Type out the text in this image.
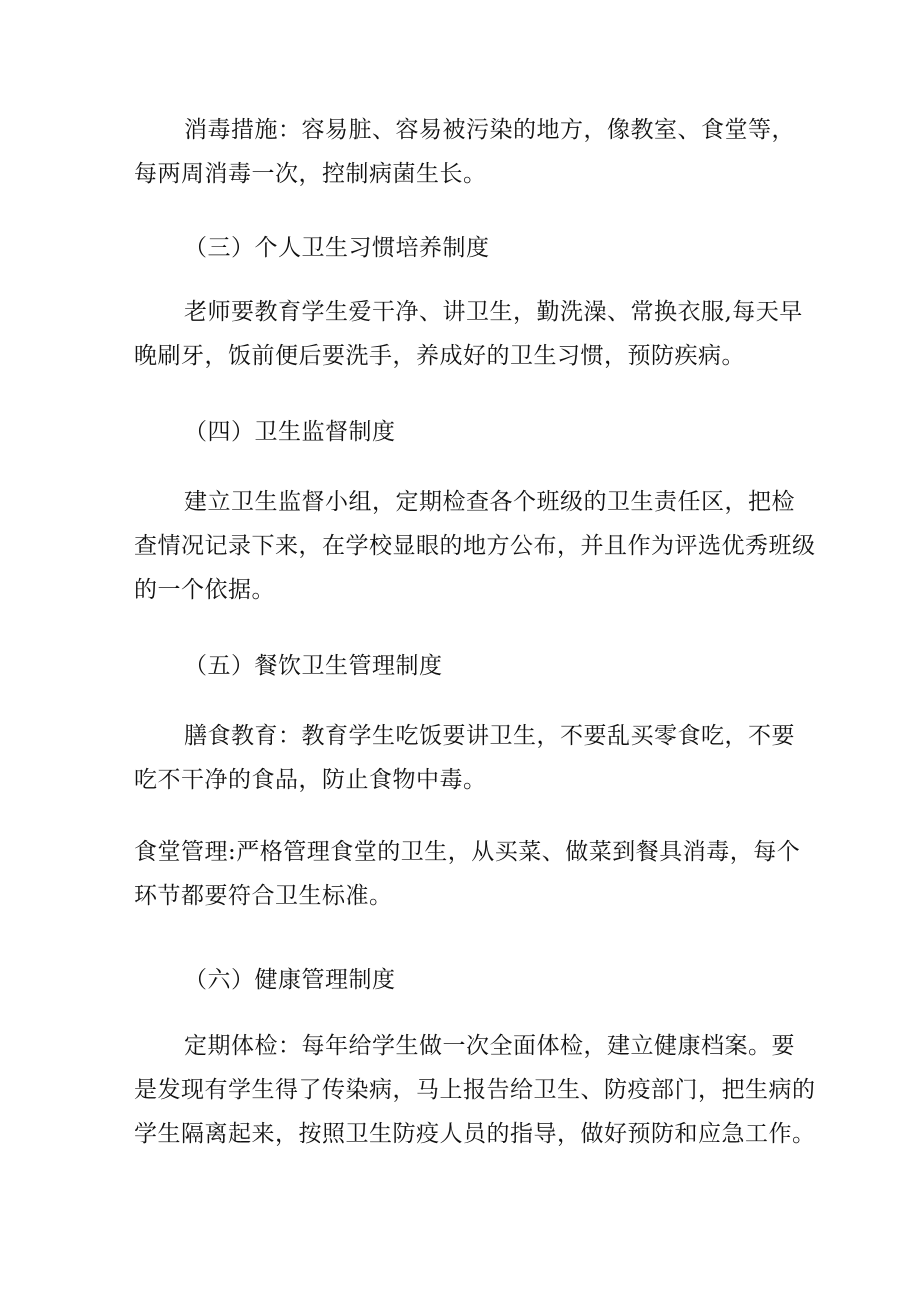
消毒措施：容易脏、容易被污染的地方，像教室、食堂等，
每两周消毒一次，控制病菌生长。

（三）个人卫生习惯培养制度

老师要教育学生爱干净、讲卫生，勤洗澡、常换衣服,每天早
晚刷牙，饭前便后要洗手，养成好的卫生习惯，预防疾病。

（四）卫生监督制度

建立卫生监督小组，定期检查各个班级的卫生责任区，把检
查情况记录下来，在学校显眼的地方公布，并且作为评选优秀班级
的一个依据。

（五）餐饮卫生管理制度

膳食教育：教育学生吃饭要讲卫生，不要乱买零食吃，不要
吃不干净的食品，防止食物中毒。

食堂管理:严格管理食堂的卫生，从买菜、做菜到餐具消毒，每个
环节都要符合卫生标准。

（六）健康管理制度

定期体检：每年给学生做一次全面体检，建立健康档案。要
是发现有学生得了传染病，马上报告给卫生、防疫部门，把生病的
学生隔离起来，按照卫生防疫人员的指导，做好预防和应急工作。
